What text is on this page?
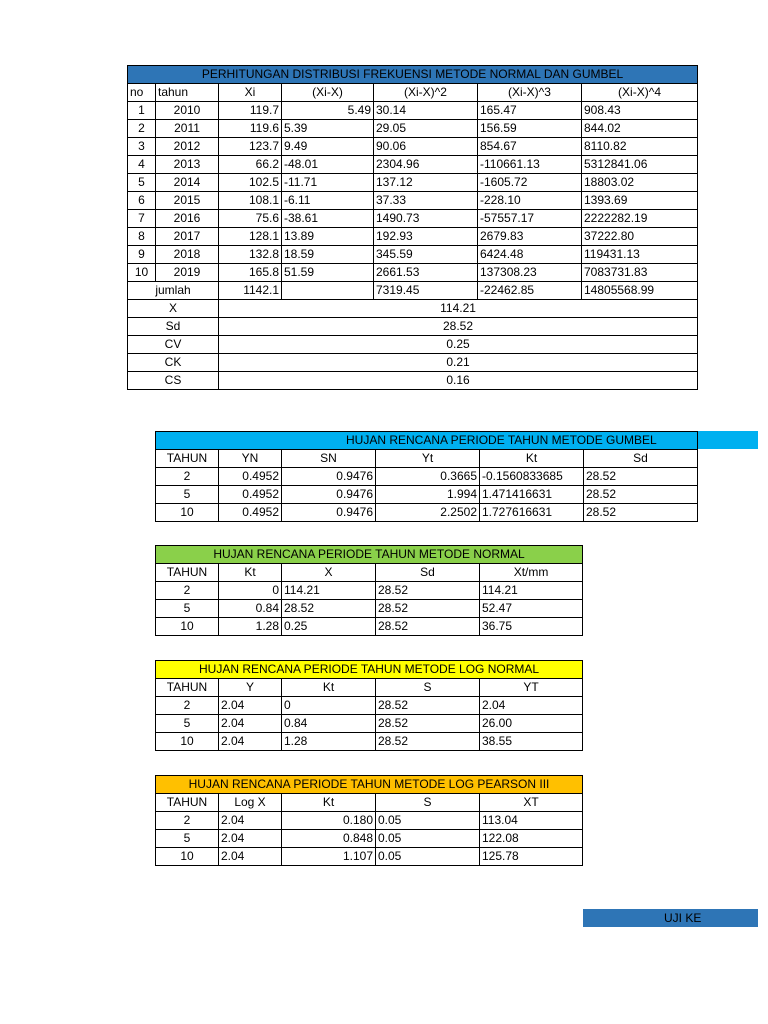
PERHITUNGAN DISTRIBUSI FREKUENSI METODE NORMAL DAN GUMBEL						
no	tahun	Xi	(Xi-X)	(Xi-X)^2	(Xi-X)^3	(Xi-X)^4
1	2010	119.7	5.49	30.14	165.47	908.43
2	2011	119.6	5.39	29.05	156.59	844.02
3	2012	123.7	9.49	90.06	854.67	8110.82
4	2013	66.2	-48.01	2304.96	-110661.13	5312841.06
5	2014	102.5	-11.71	137.12	-1605.72	18803.02
6	2015	108.1	-6.11	37.33	-228.10	1393.69
7	2016	75.6	-38.61	1490.73	-57557.17	2222282.19
8	2017	128.1	13.89	192.93	2679.83	37222.80
9	2018	132.8	18.59	345.59	6424.48	119431.13
10	2019	165.8	51.59	2661.53	137308.23	7083731.83
jumlah		1142.1		7319.45	-22462.85	14805568.99
X		114.21				
Sd		28.52				
CV		0.25				
CK		0.21				
CS		0.16				
HUJAN RENCANA PERIODE TAHUN METODE GUMBEL					
TAHUN	YN	SN	Yt	Kt	Sd
2	0.4952	0.9476	0.3665	-0.1560833685	28.52
5	0.4952	0.9476	1.994	1.471416631	28.52
10	0.4952	0.9476	2.2502	1.727616631	28.52
HUJAN RENCANA PERIODE TAHUN METODE NORMAL				
TAHUN	Kt	X	Sd	Xt/mm
2	0	114.21	28.52	114.21
5	0.84	28.52	28.52	52.47
10	1.28	0.25	28.52	36.75
HUJAN RENCANA PERIODE TAHUN METODE LOG NORMAL				
TAHUN	Y	Kt	S	YT
2	2.04	0	28.52	2.04
5	2.04	0.84	28.52	26.00
10	2.04	1.28	28.52	38.55
HUJAN RENCANA PERIODE TAHUN METODE LOG PEARSON III				
TAHUN	Log X	Kt	S	XT
2	2.04	0.180	0.05	113.04
5	2.04	0.848	0.05	122.08
10	2.04	1.107	0.05	125.78
UJI KE
